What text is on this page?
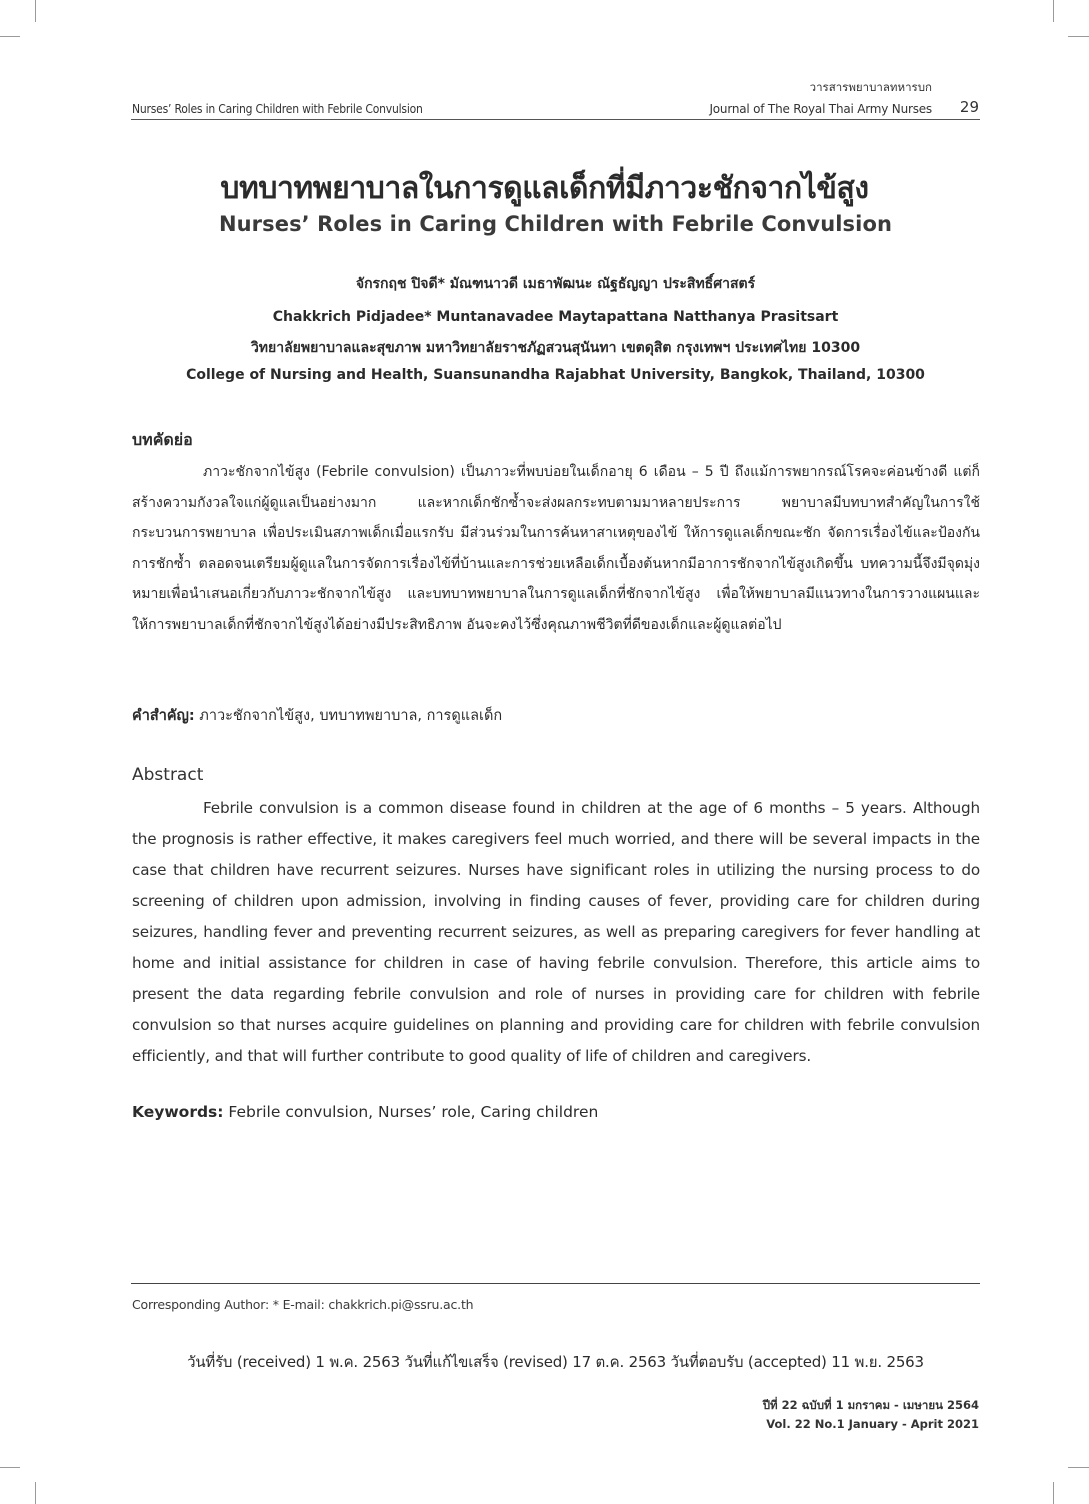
Nurses’ Roles in Caring Children with Febrile Convulsion
วารสารพยาบาลทหารบก
Journal of The Royal Thai Army Nurses 29
บทบาทพยาบาลในการดูแลเด็กที่มีภาวะชักจากไข้สูง
Nurses’ Roles in Caring Children with Febrile Convulsion
จักรกฤช ปิจดี* มัณฑนาวดี เมธาพัฒนะ ณัฐธัญญา ประสิทธิ์ศาสตร์
Chakkrich Pidjadee* Muntanavadee Maytapattana Natthanya Prasitsart
วิทยาลัยพยาบาลและสุขภาพ มหาวิทยาลัยราชภัฏสวนสุนันทา เขตดุสิต กรุงเทพฯ ประเทศไทย 10300
College of Nursing and Health, Suansunandha Rajabhat University, Bangkok, Thailand, 10300
บทคัดย่อ
ภาวะชักจากไข้สูง (Febrile convulsion) เป็นภาวะที่พบบ่อยในเด็กอายุ 6 เดือน – 5 ปี ถึงแม้การพยากรณ์โรคจะค่อนข้างดี แต่ก็สร้างความกังวลใจแก่ผู้ดูแลเป็นอย่างมาก และหากเด็กชักซ้ำจะส่งผลกระทบตามมาหลายประการ พยาบาลมีบทบาทสำคัญในการใช้กระบวนการพยาบาล เพื่อประเมินสภาพเด็กเมื่อแรกรับ มีส่วนร่วมในการค้นหาสาเหตุของไข้ ให้การดูแลเด็กขณะชัก จัดการเรื่องไข้และป้องกันการชักซ้ำ ตลอดจนเตรียมผู้ดูแลในการจัดการเรื่องไข้ที่บ้านและการช่วยเหลือเด็กเบื้องต้นหากมีอาการชักจากไข้สูงเกิดขึ้น บทความนี้จึงมีจุดมุ่งหมายเพื่อนำเสนอเกี่ยวกับภาวะชักจากไข้สูง และบทบาทพยาบาลในการดูแลเด็กที่ชักจากไข้สูง เพื่อให้พยาบาลมีแนวทางในการวางแผนและให้การพยาบาลเด็กที่ชักจากไข้สูงได้อย่างมีประสิทธิภาพ อันจะคงไว้ซึ่งคุณภาพชีวิตที่ดีของเด็กและผู้ดูแลต่อไป
คำสำคัญ: ภาวะชักจากไข้สูง, บทบาทพยาบาล, การดูแลเด็ก
Abstract
Febrile convulsion is a common disease found in children at the age of 6 months – 5 years. Although the prognosis is rather effective, it makes caregivers feel much worried, and there will be several impacts in the case that children have recurrent seizures. Nurses have significant roles in utilizing the nursing process to do screening of children upon admission, involving in finding causes of fever, providing care for children during seizures, handling fever and preventing recurrent seizures, as well as preparing caregivers for fever handling at home and initial assistance for children in case of having febrile convulsion. Therefore, this article aims to present the data regarding febrile convulsion and role of nurses in providing care for children with febrile convulsion so that nurses acquire guidelines on planning and providing care for children with febrile convulsion efficiently, and that will further contribute to good quality of life of children and caregivers.
Keywords: Febrile convulsion, Nurses’ role, Caring children
Corresponding Author: * E-mail: chakkrich.pi@ssru.ac.th
วันที่รับ (received) 1 พ.ค. 2563 วันที่แก้ไขเสร็จ (revised) 17 ต.ค. 2563 วันที่ตอบรับ (accepted) 11 พ.ย. 2563
ปีที่ 22 ฉบับที่ 1 มกราคม - เมษายน 2564
Vol. 22 No.1 January - Aprit 2021
